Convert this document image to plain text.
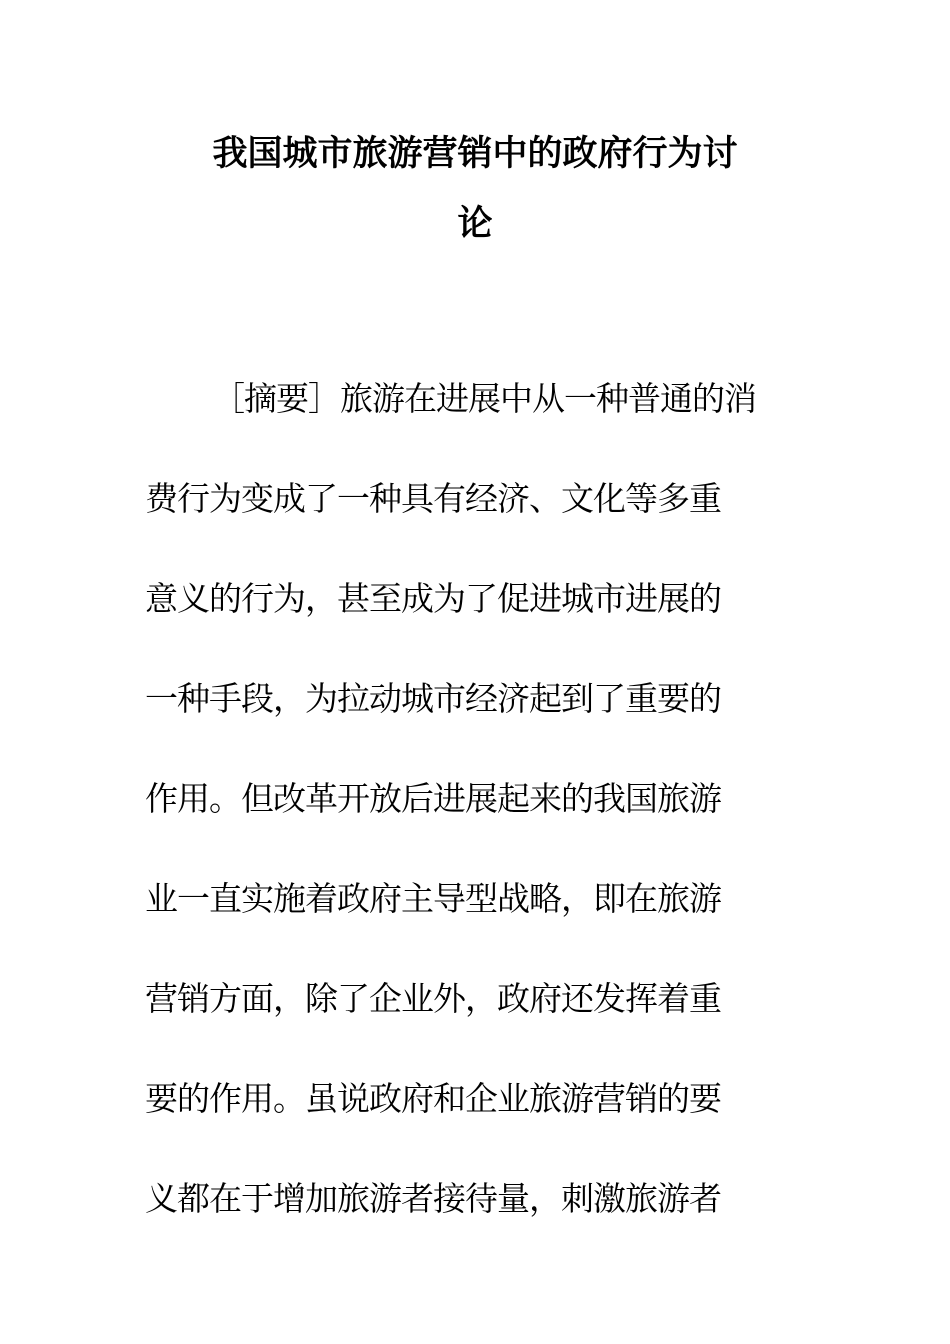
我国城市旅游营销中的政府行为讨
论

［摘要］旅游在进展中从一种普通的消

费行为变成了一种具有经济、文化等多重

意义的行为，甚至成为了促进城市进展的

一种手段，为拉动城市经济起到了重要的

作用。但改革开放后进展起来的我国旅游

业一直实施着政府主导型战略，即在旅游

营销方面，除了企业外，政府还发挥着重

要的作用。虽说政府和企业旅游营销的要

义都在于增加旅游者接待量，刺激旅游者
